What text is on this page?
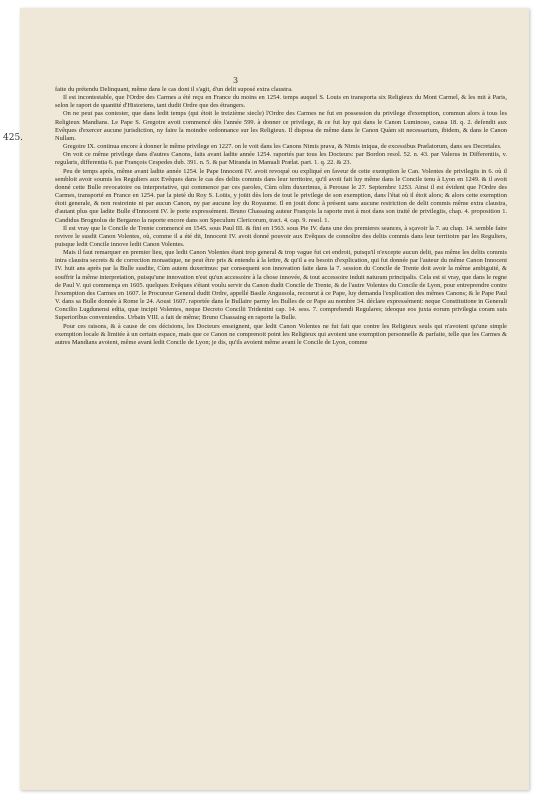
3
425.

faite du prétendu Delinquant, même dans le cas dont il s'agit, d'un delit suposé extra claustra.

Il est incontestable, que l'Ordre des Carmes a été reçu en France du moins en 1254. temps auquel S. Louis en transporta six Religieux du Mont Carmel, & les mit à Paris, selon le raport de quantité d'Historiens, tant dudit Ordre que des étrangers.

On ne peut pas contester, que dans ledit temps (qui étoit le treizième siecle) l'Ordre des Carmes ne fut en possession du privilege d'exemption, commun alors à tous les Religieux Mandians. Le Pape S. Gregoire avoit commencé dès l'année 599. à donner ce privilege, & ce fut luy qui dans le Canon Luminoso, causa 18. q. 2. defendit aux Evêques d'exercer aucune jurisdiction, ny faire la moindre ordonnance sur les Religieux. Il disposa de même dans le Canon Quàm sit necessarium, ibidem, & dans le Canon Nullam.

Gregoire IX. continua encore à donner le même privilege en 1227. on le voit dans les Canons Nimis prava, & Nimis iniqua, de excessibus Prælatorum, dans ses Decretales.

On voit ce même privilege dans d'autres Canons, faits avant ladite année 1254. raportés par tous les Docteurs: par Bordon resol. 52. n. 43. par Valerus in Differentiis, v. regularis, differentia 6. par François Cespedes dub. 391. n. 5. & par Miranda in Manuali Prælat. part. 1. q. 22. & 23.

Peu de temps après, même avant ladite année 1254. le Pape Innocent IV. avoit revoqué ou expliqué en faveur de cette exemption le Can. Volentes de privilegiis in 6. où il sembloit avoir soumis les Reguliers aux Evêques dans le cas des delits commis dans leur territoire, qu'il avoit fait luy même dans le Concile tenu à Lyon en 1249. & il avoit donné cette Bulle revocatoire ou interpretative, qui commence par ces paroles, Cùm olim duxerimus, à Perouse le 27. Septembre 1253. Ainsi il est évident que l'Ordre des Carmes, transporté en France en 1254. par la pieté du Roy S. Loüis, y joüit dès lors de tout le privilege de son exemption, dans l'état où il étoit alors; & alors cette exemption étoit generale, & non restreinte ni par aucun Canon, ny par aucune loy du Royaume. Il en jouit donc à présent sans aucune restriction de delit commis même extra claustra, d'autant plus que ladite Bulle d'Innocent IV. le porte expressément. Bruno Chassaing auteur François la raporte mot à mot dans son traité de privilegiis, chap. 4. proposition 1. Candidus Brognolus de Bergamo la raporte encore dans son Speculum Clericorum, tract. 4. cap. 9. resol. 1.

Il est vray que le Concile de Trente commencé en 1545. sous Paul III. & fini en 1563. sous Pie IV. dans une des premieres seances, à sçavoir la 7. au chap. 14. semble faire revivre le susdit Canon Volentes, où, comme il a été dit, Innocent IV. avoit donné pouvoir aux Evêques de connoître des delits commis dans leur territoire par les Reguliers, puisque ledit Concile innove ledit Canon Volentes.

Mais il faut remarquer en premier lieu, que ledit Canon Volentes étant trop general & trop vague fut cet endroit, puisqu'il n'excepte aucun delit, pas même les delits commis intra claustra secrets & de correction monastique, ne peut être pris & entendu à la lettre, & qu'il a eu besoin d'explication, qui fut donnée par l'auteur du même Canon Innocent IV. huit ans après par la Bulle susdite, Cùm autem duxerimus: par consequent son innovation faite dans la 7. session du Concile de Trente doit avoir la même ambiguité, & souffrir la même interpretation, puisqu'une innovation n'est qu'un accessoire à la chose innovée, & tout accessoire induit naturam principalis. Cela est si vray, que dans le regne de Paul V. qui commença en 1605. quelques Evêques s'étant voulu servir du Canon dudit Concile de Trente, & de l'autre Volentes du Concile de Lyon, pour entreprendre contre l'exemption des Carmes en 1607. le Procureur General dudit Ordre, appellé Basile Angussola, recourut à ce Pape, luy demanda l'explication des mêmes Canons; & le Pape Paul V. dans sa Bulle donnée à Rome le 24. Aoust 1607. raportée dans le Bullaire parmy les Bulles de ce Pape au nombre 34. déclare expressément: neque Constitutione in Generali Concilio Lugdunensi edita, quæ incipit Volentes, neque Decreto Concilii Tridentini cap. 14. sess. 7. comprehendi Regulares; ideoque eos juxta eorum privilegia coram suis Superioribus conveniendos. Urbain VIII. a fait de même; Bruno Chassaing en raporte la Bulle.

Pour ces raisons, & à cause de ces décisions, les Docteurs enseignent, que ledit Canon Volentes ne fut fait que contre les Religieux seuls qui n'avoient qu'une simple exemption locale & limitée à un certain espace, mais que ce Canon ne comprenoit point les Religieux qui avoient une exemption personnelle & parfaite, telle que les Carmes & autres Mandians avoient, même avant ledit Concile de Lyon; je dis, qu'ils avoient même avant le Concile de Lyon, comme
